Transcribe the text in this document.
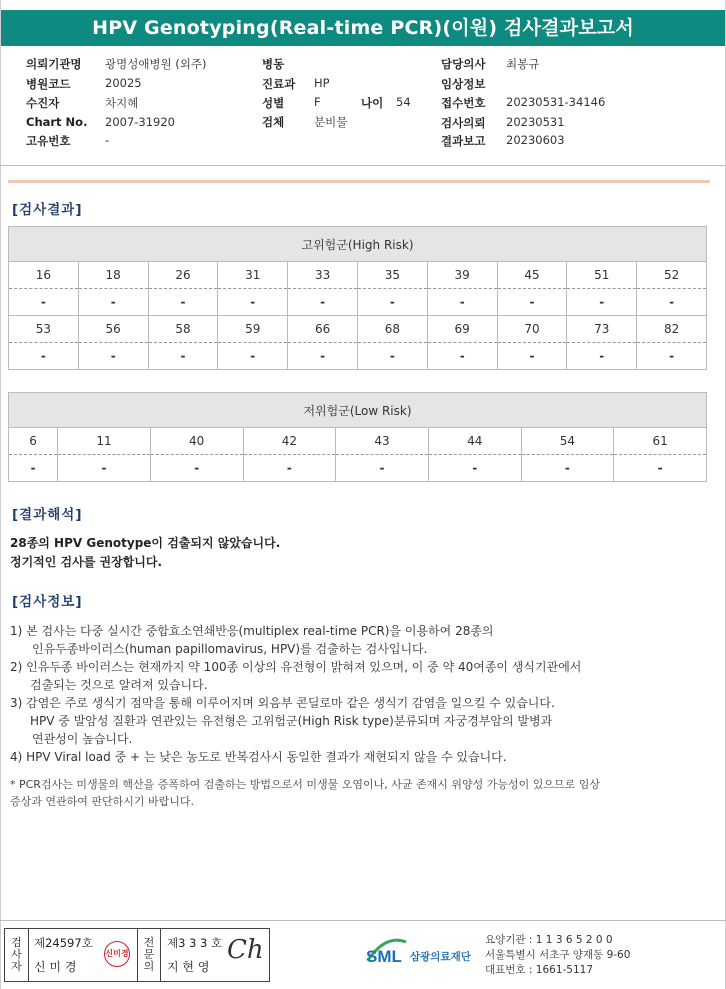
HPV Genotyping(Real-time PCR)(이원) 검사결과보고서
의뢰기관명 광명성애병원 (외주)
병원코드	20025
수진자	차지혜
Chart No. 2007-31920
고유번호	-
병동
진료과 HP
성별	F	나이 54
검체	분비물
담당의사 최봉규
임상정보
접수번호 20230531-34146
검사의뢰 20230531
결과보고 20230603
[검사결과]
고위험군(High Risk)									
16	18	26	31	33	35	39	45	51	52
-	-	-	-	-	-	-	-	-	-
53	56	58	59	66	68	69	70	73	82
-	-	-	-	-	-	-	-	-	-
저위험군(Low Risk)							
6	11	40	42	43	44	54	61
-	-	-	-	-	-	-	-
[결과해석]
28종의 HPV Genotype이 검출되지 않았습니다.
정기적인 검사를 권장합니다.
[검사정보]
1) 본 검사는 다중 실시간 중합효소연쇄반응(multiplex real-time PCR)을 이용하여 28종의
인유두종바이러스(human papillomavirus, HPV)를 검출하는 검사입니다.
2) 인유두종 바이러스는 현재까지 약 100종 이상의 유전형이 밝혀져 있으며, 이 중 약 40여종이 생식기관에서
검출되는 것으로 알려져 있습니다.
3) 감염은 주로 생식기 점막을 통해 이루어지며 외음부 콘딜로마 같은 생식기 감염을 일으킬 수 있습니다.
HPV 중 발암성 질환과 연관있는 유전형은 고위험군(High Risk type)분류되며 자궁경부암의 발병과
연관성이 높습니다.
4) HPV Viral load 중 + 는 낮은 농도로 반복검사시 동일한 결과가 재현되지 않을 수 있습니다.
* PCR검사는 미생물의 핵산을 증폭하여 검출하는 방법으로서 미생물 오염이나, 사균 존재시 위양성 가능성이 있으므로 임상
증상과 연관하여 판단하시기 바랍니다.
검
사
자
제24597호
신 미 경
신미경
전
문
의
제3 3 3 호
지 현 영
Ch	SML 삼광의료재단
요양기관 : 1 1 3 6 5 2 0 0
서울특별시 서초구 양재동 9-60
대표번호 : 1661-5117
